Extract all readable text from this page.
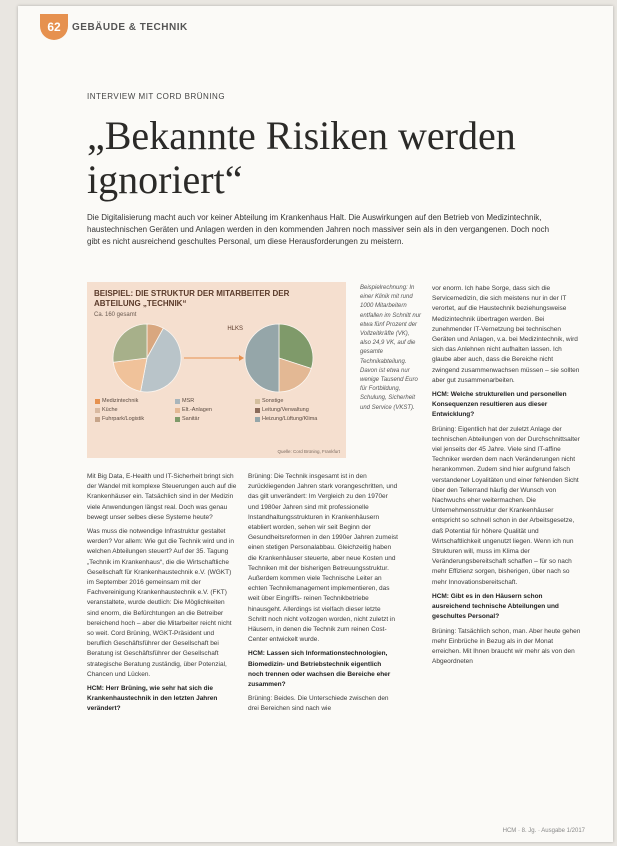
62	GEBÄUDE & TECHNIK
INTERVIEW MIT CORD BRÜNING
„Bekannte Risiken werden ignoriert“
Die Digitalisierung macht auch vor keiner Abteilung im Krankenhaus Halt. Die Auswirkungen auf den Betrieb von Medizintechnik, haustechnischen Geräten und Anlagen werden in den kommenden Jahren noch massiver sein als in den vergangenen. Doch noch gibt es nicht ausreichend geschultes Personal, um diese Herausforderungen zu meistern.
BEISPIEL: DIE STRUKTUR DER MITARBEITER DER ABTEILUNG „TECHNIK“
Ca. 160 gesamt
HLKS
Medizintechnik
Küche
Fuhrpark/Logistik
MSR
Elt.-Anlagen
Sanitär
Sonstige
Leitung/Verwaltung
Heizung/Lüftung/Klima
Quelle: Cord Brüning, Frankfurt
Beispielrechnung: In einer Klinik mit rund 1000 Mitarbeitern entfallen im Schnitt nur etwa fünf Prozent der Vollzeitkräfte (VK), also 24,9 VK, auf die gesamte Technikabteilung. Davon ist etwa nur wenige Tausend Euro für Fortbildung, Schulung, Sicherheit und Service (VKST).

Mit Big Data, E-Health und IT-Sicherheit bringt sich der Wandel mit komplexe Steuerungen auch auf die Krankenhäuser ein. Tatsächlich sind in der Medizin viele Anwendungen längst real. Doch was genau bewegt unser selbes diese Systeme heute?

Was muss die notwendige Infrastruktur gestaltet werden? Vor allem: Wie gut die Technik wird und in welchen Abteilungen steuert? Auf der 35. Tagung „Technik im Krankenhaus“, die die Wirtschaftliche Gesellschaft für Krankenhaustechnik e.V. (WGKT) im September 2016 gemeinsam mit der Fachvereinigung Krankenhaustechnik e.V. (FKT) veranstaltete, wurde deutlich: Die Möglichkeiten sind enorm, die Befürchtungen an die Betreiber bereichend hoch – aber die Mitarbeiter reicht nicht so weit. Cord Brüning, WGKT-Präsident und beruflich Geschäftsführer der Gesellschaft bei Beratung ist Geschäftsführer der Gesellschaft strategische Beratung zuständig, über Potenzial, Chancen und Lücken.

HCM: Herr Brüning, wie sehr hat sich die Krankenhaustechnik in den letzten Jahren verändert?

Brüning: Die Technik insgesamt ist in den zurückliegenden Jahren stark vorangeschritten, und das gilt unverändert: Im Vergleich zu den 1970er und 1980er Jahren sind mit professionelle Instandhaltungsstrukturen in Krankenhäusern etabliert worden, sehen wir seit Beginn der Gesundheitsreformen in den 1990er Jahren zumeist einen stetigen Personalabbau. Gleichzeitig haben die Krankenhäuser steuerte, aber neue Kosten und Techniken mit der bisherigen Betreuungsstruktur. Außerdem kommen viele Technische Leiter an echten Technikmanagement implementieren, das weit über Eingriffs- reinen Technikbetriebe hinausgeht. Allerdings ist vielfach dieser letzte Schritt noch nicht vollzogen worden, nicht zuletzt in Häusern, in denen die Technik zum reinen Cost-Center entwickelt wurde.

HCM: Lassen sich Informationstechnologien, Biomedizin- und Betriebstechnik eigentlich noch trennen oder wachsen die Bereiche eher zusammen?

Brüning: Beides. Die Unterschiede zwischen den drei Bereichen sind nach wie

vor enorm. Ich habe Sorge, dass sich die Servicemedizin, die sich meistens nur in der IT verortet, auf die Haustechnik beziehungsweise Medizintechnik übertragen werden. Bei zunehmender IT-Vernetzung bei technischen Geräten und Anlagen, v.a. bei Medizintechnik, wird sich das Anlehnen nicht aufhalten lassen. Ich glaube aber auch, dass die Bereiche nicht zwingend zusammenwachsen müssen – sie sollten aber gut zusammenarbeiten.

HCM: Welche strukturellen und personellen Konsequenzen resultieren aus dieser Entwicklung?

Brüning: Eigentlich hat der zuletzt Anlage der technischen Abteilungen von der Durchschnittsalter viel jenseits der 45 Jahre. Viele sind IT-affine Techniker werden dem nach Veränderungen nicht herankommen. Zudem sind hier aufgrund falsch verstandener Loyalitäten und einer fehlenden Sicht über den Tellerrand häufig der Wunsch von Nachwuchs eher weitermachen. Die Unternehmensstruktur der Krankenhäuser entspricht so schnell schon in der Arbeitsgesetze, daß Potential für höhere Qualität und Wirtschaftlichkeit ungenutzt liegen. Wenn ich nun Strukturen will, muss im Klima der Veränderungsbereitschaft schaffen – für so nach mehr Effizienz sorgen, bisherigen, über nach so mehr Innovationsbereitschaft.

HCM: Gibt es in den Häusern schon ausreichend technische Abteilungen und geschultes Personal?

Brüning: Tatsächlich schon, man. Aber heute gehen mehr Einbrüche in Bezug als in der Monat erreichen. Mit Ihnen braucht wir mehr als von den Abgeordneten

HCM · 8. Jg. · Ausgabe 1/2017
